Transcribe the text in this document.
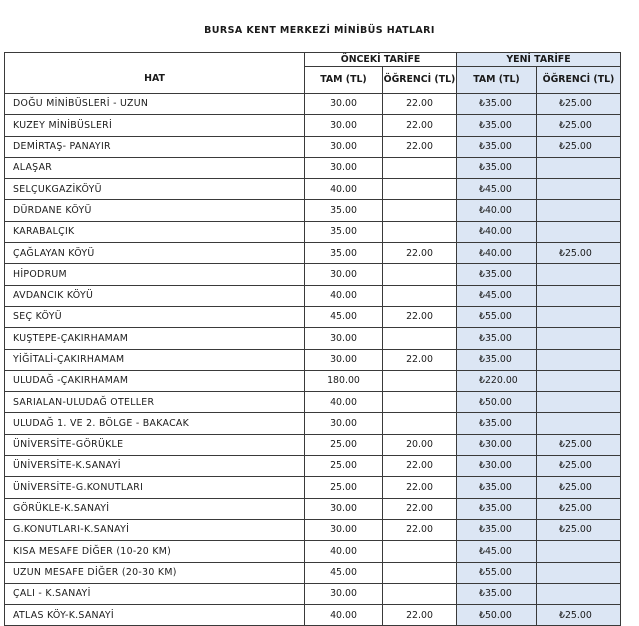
BURSA KENT MERKEZİ MİNİBÜS HATLARI
	ÖNCEKİ TARİFE		YENİ TARİFE	
HAT	TAM (TL)	ÖĞRENCİ (TL)	TAM (TL)	ÖĞRENCİ (TL)
DOĞU MİNİBÜSLERİ - UZUN	30.00	22.00	₺35.00	₺25.00
KUZEY MİNİBÜSLERİ	30.00	22.00	₺35.00	₺25.00
DEMİRTAŞ- PANAYIR	30.00	22.00	₺35.00	₺25.00
ALAŞAR	30.00		₺35.00	
SELÇUKGAZİKÖYÜ	40.00		₺45.00	
DÜRDANE KÖYÜ	35.00		₺40.00	
KARABALÇIK	35.00		₺40.00	
ÇAĞLAYAN KÖYÜ	35.00	22.00	₺40.00	₺25.00
HİPODRUM	30.00		₺35.00	
AVDANCIK KÖYÜ	40.00		₺45.00	
SEÇ KÖYÜ	45.00	22.00	₺55.00	
KUŞTEPE-ÇAKIRHAMAM	30.00		₺35.00	
YİĞİTALİ-ÇAKIRHAMAM	30.00	22.00	₺35.00	
ULUDAĞ -ÇAKIRHAMAM	180.00		₺220.00	
SARIALAN-ULUDAĞ OTELLER	40.00		₺50.00	
ULUDAĞ 1. VE 2. BÖLGE - BAKACAK	30.00		₺35.00	
ÜNİVERSİTE-GÖRÜKLE	25.00	20.00	₺30.00	₺25.00
ÜNİVERSİTE-K.SANAYİ	25.00	22.00	₺30.00	₺25.00
ÜNİVERSİTE-G.KONUTLARI	25.00	22.00	₺35.00	₺25.00
GÖRÜKLE-K.SANAYİ	30.00	22.00	₺35.00	₺25.00
G.KONUTLARI-K.SANAYİ	30.00	22.00	₺35.00	₺25.00
KISA MESAFE DİĞER (10-20 KM)	40.00		₺45.00	
UZUN MESAFE DİĞER (20-30 KM)	45.00		₺55.00	
ÇALI - K.SANAYİ	30.00		₺35.00	
ATLAS KÖY-K.SANAYİ	40.00	22.00	₺50.00	₺25.00
